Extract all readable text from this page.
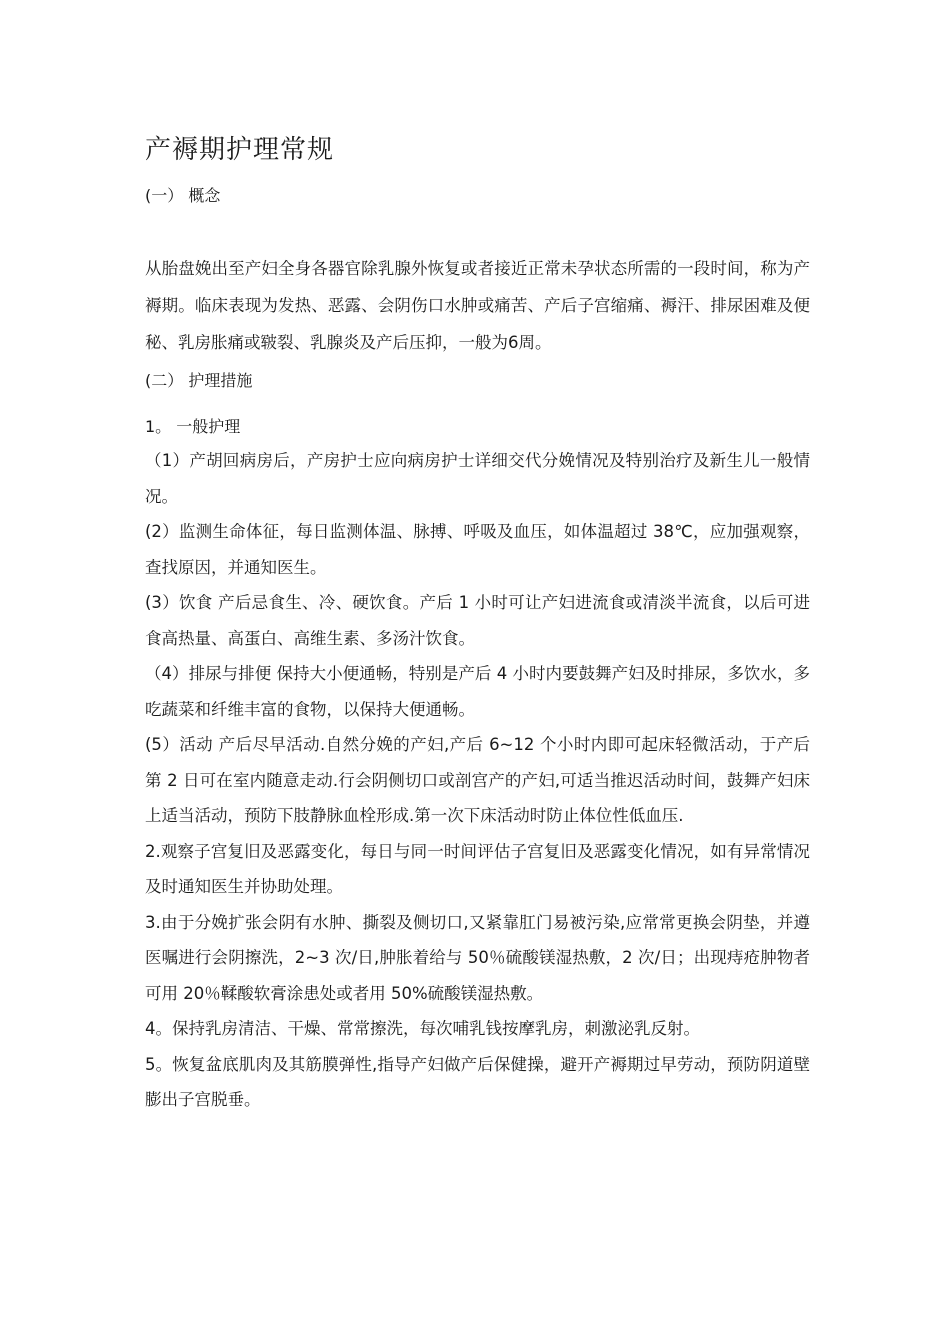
产褥期护理常规

(一） 概念

从胎盘娩出至产妇全身各器官除乳腺外恢复或者接近正常未孕状态所需的一段时间，称为产褥期。临床表现为发热、恶露、会阴伤口水肿或痛苦、产后子宫缩痛、褥汗、排尿困难及便秘、乳房胀痛或皲裂、乳腺炎及产后压抑，一般为6周。

(二） 护理措施

1。 一般护理

（1）产胡回病房后，产房护士应向病房护士详细交代分娩情况及特别治疗及新生儿一般情况。

(2）监测生命体征，每日监测体温、脉搏、呼吸及血压，如体温超过 38℃，应加强观察，查找原因，并通知医生。

(3）饮食 产后忌食生、冷、硬饮食。产后 1 小时可让产妇进流食或清淡半流食，以后可进食高热量、高蛋白、高维生素、多汤汁饮食。

（4）排尿与排便 保持大小便通畅，特别是产后 4 小时内要鼓舞产妇及时排尿，多饮水，多吃蔬菜和纤维丰富的食物，以保持大便通畅。

(5）活动 产后尽早活动.自然分娩的产妇,产后 6~12 个小时内即可起床轻微活动，于产后第 2 日可在室内随意走动.行会阴侧切口或剖宫产的产妇,可适当推迟活动时间，鼓舞产妇床上适当活动，预防下肢静脉血栓形成.第一次下床活动时防止体位性低血压.

2.观察子宫复旧及恶露变化，每日与同一时间评估子宫复旧及恶露变化情况，如有异常情况及时通知医生并协助处理。

3.由于分娩扩张会阴有水肿、撕裂及侧切口,又紧靠肛门易被污染,应常常更换会阴垫，并遵医嘱进行会阴擦洗，2~3 次/日,肿胀着给与 50％硫酸镁湿热敷，2 次/日；出现痔疮肿物者可用 20％鞣酸软膏涂患处或者用 50%硫酸镁湿热敷。

4。保持乳房清洁、干燥、常常擦洗，每次哺乳钱按摩乳房，刺激泌乳反射。

5。恢复盆底肌肉及其筋膜弹性,指导产妇做产后保健操，避开产褥期过早劳动，预防阴道壁膨出子宫脱垂。
